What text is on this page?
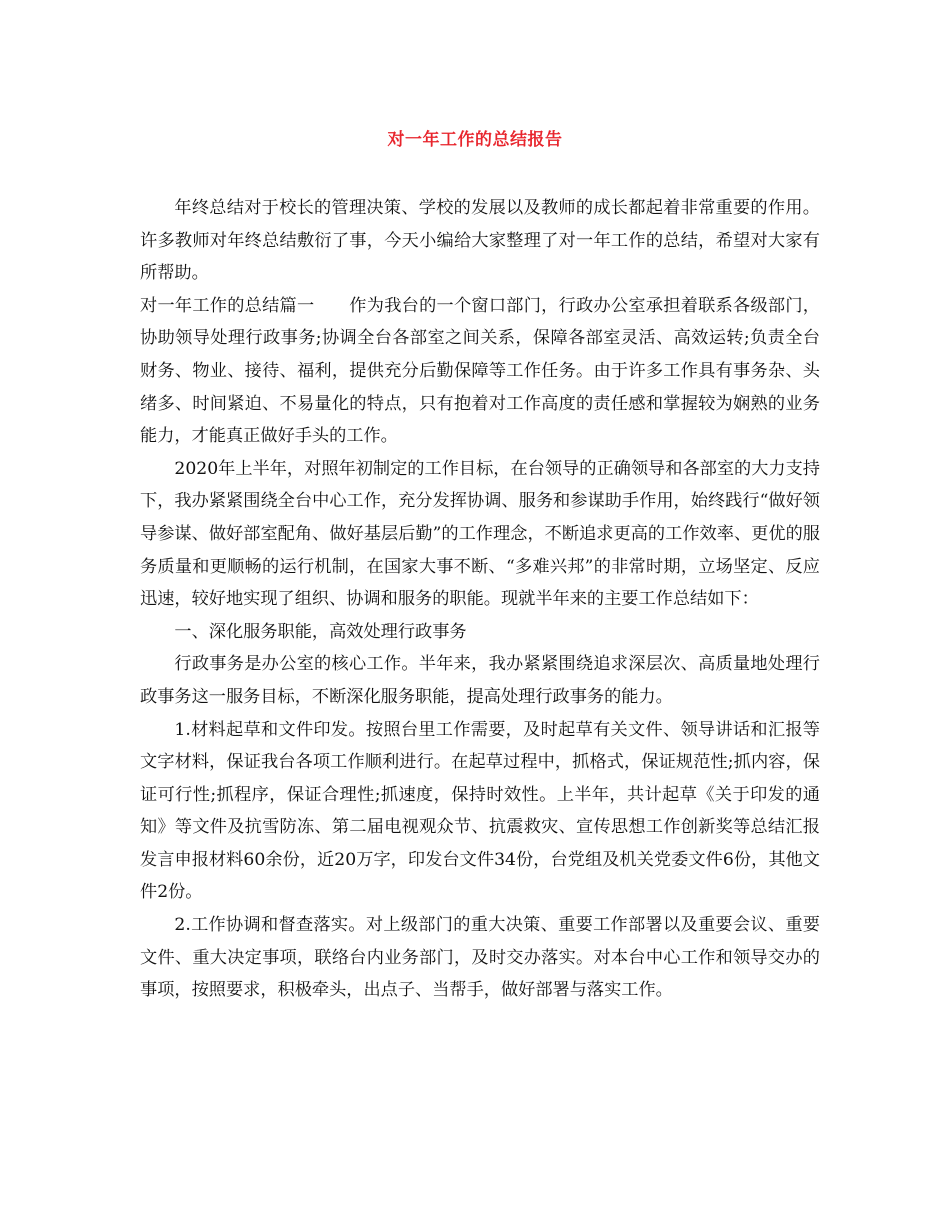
对一年工作的总结报告

年终总结对于校长的管理决策、学校的发展以及教师的成长都起着非常重要的作用。许多教师对年终总结敷衍了事，今天小编给大家整理了对一年工作的总结，希望对大家有所帮助。

对一年工作的总结篇一　　作为我台的一个窗口部门，行政办公室承担着联系各级部门，协助领导处理行政事务;协调全台各部室之间关系，保障各部室灵活、高效运转;负责全台财务、物业、接待、福利，提供充分后勤保障等工作任务。由于许多工作具有事务杂、头绪多、时间紧迫、不易量化的特点，只有抱着对工作高度的责任感和掌握较为娴熟的业务能力，才能真正做好手头的工作。

2020年上半年，对照年初制定的工作目标，在台领导的正确领导和各部室的大力支持下，我办紧紧围绕全台中心工作，充分发挥协调、服务和参谋助手作用，始终践行“做好领导参谋、做好部室配角、做好基层后勤”的工作理念，不断追求更高的工作效率、更优的服务质量和更顺畅的运行机制，在国家大事不断、“多难兴邦”的非常时期，立场坚定、反应迅速，较好地实现了组织、协调和服务的职能。现就半年来的主要工作总结如下：

一、深化服务职能，高效处理行政事务

行政事务是办公室的核心工作。半年来，我办紧紧围绕追求深层次、高质量地处理行政事务这一服务目标，不断深化服务职能，提高处理行政事务的能力。

1.材料起草和文件印发。按照台里工作需要，及时起草有关文件、领导讲话和汇报等文字材料，保证我台各项工作顺利进行。在起草过程中，抓格式，保证规范性;抓内容，保证可行性;抓程序，保证合理性;抓速度，保持时效性。上半年，共计起草《关于印发的通知》等文件及抗雪防冻、第二届电视观众节、抗震救灾、宣传思想工作创新奖等总结汇报发言申报材料60余份，近20万字，印发台文件34份，台党组及机关党委文件6份，其他文件2份。

2.工作协调和督查落实。对上级部门的重大决策、重要工作部署以及重要会议、重要文件、重大决定事项，联络台内业务部门，及时交办落实。对本台中心工作和领导交办的事项，按照要求，积极牵头，出点子、当帮手，做好部署与落实工作。
